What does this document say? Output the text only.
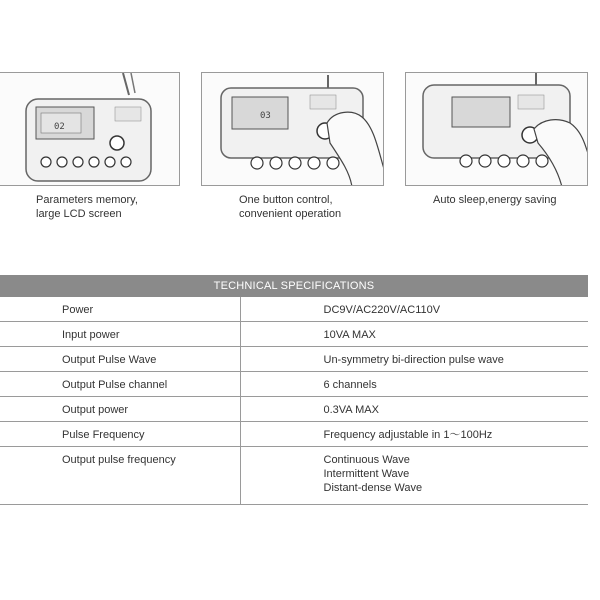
02
03
Parameters memory,
large LCD screen
One button control,
convenient operation
Auto sleep,energy saving
TECHNICAL SPECIFICATIONS
Power	DC9V/AC220V/AC110V

Input power	10VA MAX

Output Pulse Wave	Un-symmetry bi-direction pulse wave

Output Pulse channel	6 channels

Output power	0.3VA MAX

Pulse Frequency	Frequency adjustable in 1～100Hz

Output pulse frequency	Continuous Wave
Intermittent Wave
Distant-dense Wave
